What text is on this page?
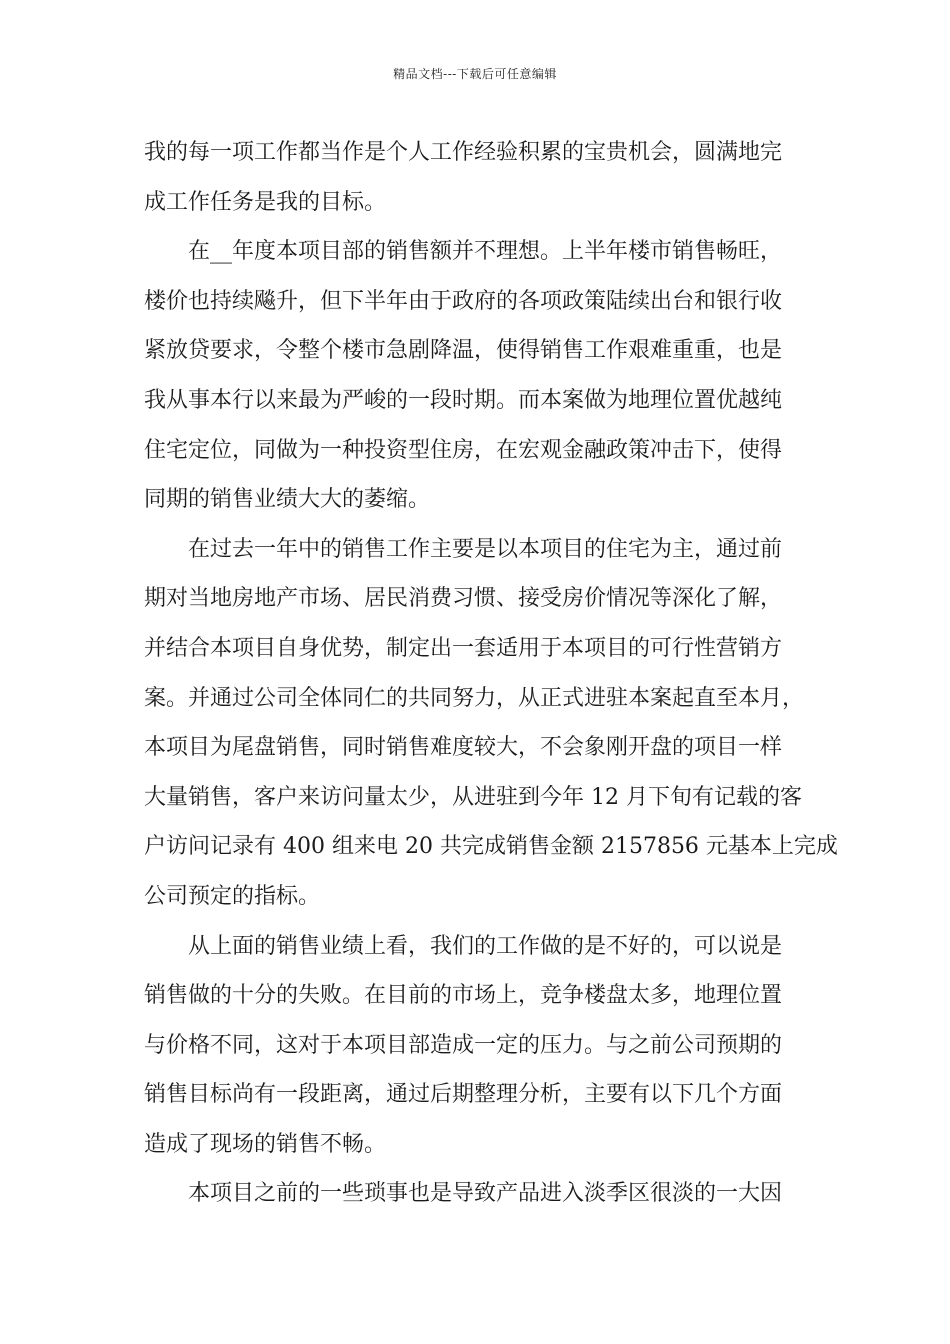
精品文档---下载后可任意编辑
我的每一项工作都当作是个人工作经验积累的宝贵机会，圆满地完
成工作任务是我的目标。
在__年度本项目部的销售额并不理想。上半年楼市销售畅旺，
楼价也持续飚升，但下半年由于政府的各项政策陆续出台和银行收
紧放贷要求，令整个楼市急剧降温，使得销售工作艰难重重，也是
我从事本行以来最为严峻的一段时期。而本案做为地理位置优越纯
住宅定位，同做为一种投资型住房，在宏观金融政策冲击下，使得
同期的销售业绩大大的萎缩。
在过去一年中的销售工作主要是以本项目的住宅为主，通过前
期对当地房地产市场、居民消费习惯、接受房价情况等深化了解，
并结合本项目自身优势，制定出一套适用于本项目的可行性营销方
案。并通过公司全体同仁的共同努力，从正式进驻本案起直至本月，
本项目为尾盘销售，同时销售难度较大，不会象刚开盘的项目一样
大量销售，客户来访问量太少，从进驻到今年 12 月下旬有记载的客
户访问记录有 400 组来电 20 共完成销售金额 2157856 元基本上完成
公司预定的指标。
从上面的销售业绩上看，我们的工作做的是不好的，可以说是
销售做的十分的失败。在目前的市场上，竞争楼盘太多，地理位置
与价格不同，这对于本项目部造成一定的压力。与之前公司预期的
销售目标尚有一段距离，通过后期整理分析，主要有以下几个方面
造成了现场的销售不畅。
本项目之前的一些琐事也是导致产品进入淡季区很淡的一大因
